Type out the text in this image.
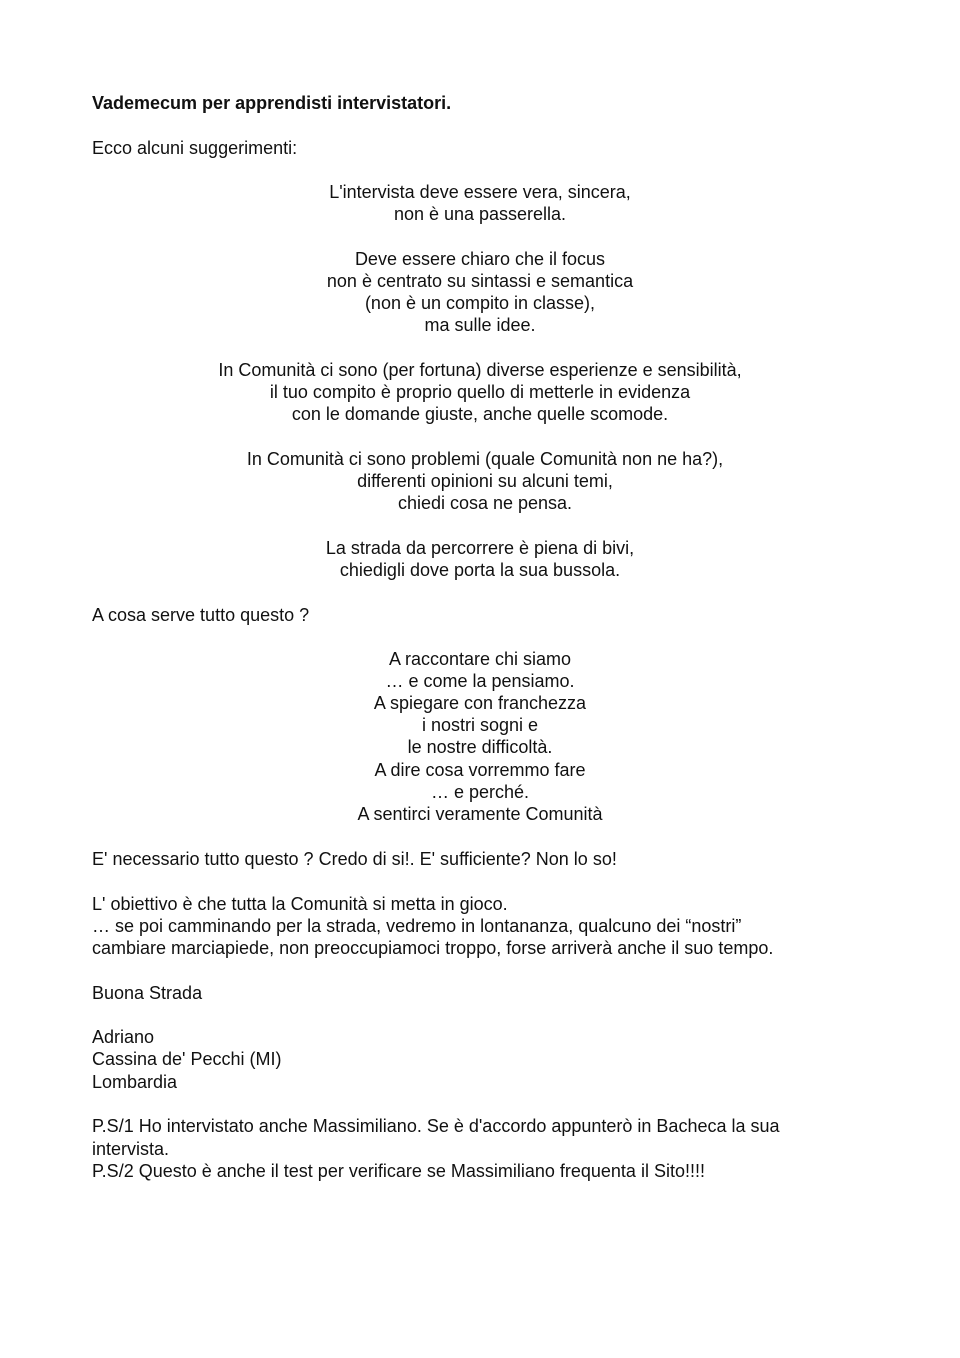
Vademecum per apprendisti intervistatori.
Ecco alcuni suggerimenti:
L'intervista deve essere vera, sincera,
non è una passerella.
Deve essere chiaro che il focus
non è centrato su sintassi e semantica
(non è un compito in classe),
ma sulle idee.
In Comunità ci sono (per fortuna) diverse esperienze e sensibilità,
il tuo compito è proprio quello di metterle in evidenza
con le domande giuste, anche quelle scomode.
In Comunità ci sono problemi (quale Comunità non ne ha?),
differenti opinioni su alcuni temi,
chiedi cosa ne pensa.
La strada da percorrere è piena di bivi,
chiedigli dove porta la sua bussola.
A cosa serve tutto questo ?
A raccontare chi siamo
… e come la pensiamo.
A spiegare con franchezza
i nostri sogni e
le nostre difficoltà.
A dire cosa vorremmo fare
… e perché.
A sentirci veramente Comunità
E' necessario tutto questo ? Credo di si!. E' sufficiente? Non lo so!
L' obiettivo è che tutta la Comunità si metta in gioco.
… se poi camminando per la strada, vedremo in lontananza, qualcuno dei “nostri”
cambiare marciapiede, non preoccupiamoci troppo, forse arriverà anche il suo tempo.
Buona Strada
Adriano
Cassina de' Pecchi (MI)
Lombardia
P.S/1 Ho intervistato anche Massimiliano. Se è d'accordo appunterò in Bacheca la sua
intervista.
P.S/2 Questo è anche il test per verificare se Massimiliano frequenta il Sito!!!!
